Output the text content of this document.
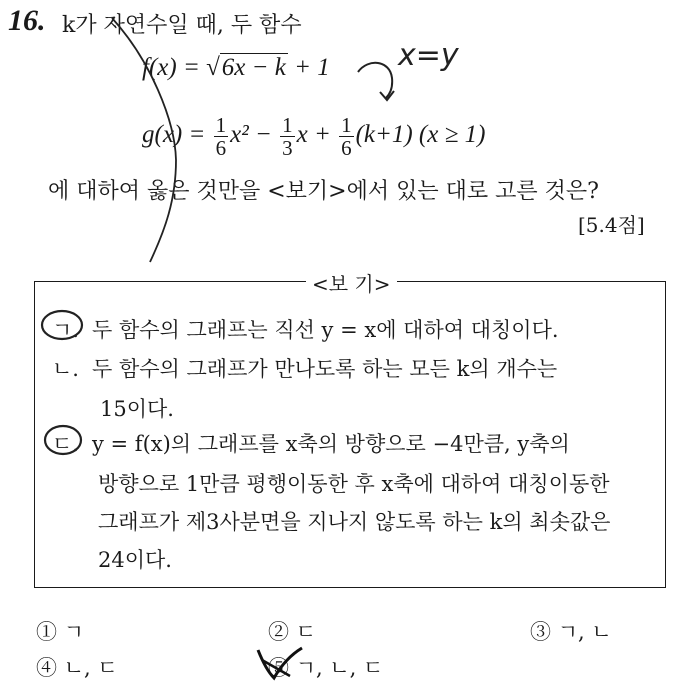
16. k가 자연수일 때, 두 함수
f(x) = √6x − k + 1
$g(x) = \frac{1}{6} x^2 - \frac{1}{3}$ $x + \frac{1}{6} (k+1) (x \ge 1)$
에 대하여 옳은 것만을 <보기>에서 있는 대로 고른 것은?
[5.4점]
<보 기>
ㄱ. 두 함수의 그래프는 직선 y = x에 대하여 대칭이다.
ㄴ. 두 함수의 그래프가 만나도록 하는 모든 k의 개수는
15이다.
ㄷ. y = f(x)의 그래프를 x축의 방향으로 −4만큼, y축의
방향으로 1만큼 평행이동한 후 x축에 대하여 대칭이동한
그래프가 제3사분면을 지나지 않도록 하는 k의 최솟값은
24이다.
① ㄱ	② ㄷ	③ ㄱ, ㄴ
④ ㄴ, ㄷ	⑤ ㄱ, ㄴ, ㄷ
x=y
